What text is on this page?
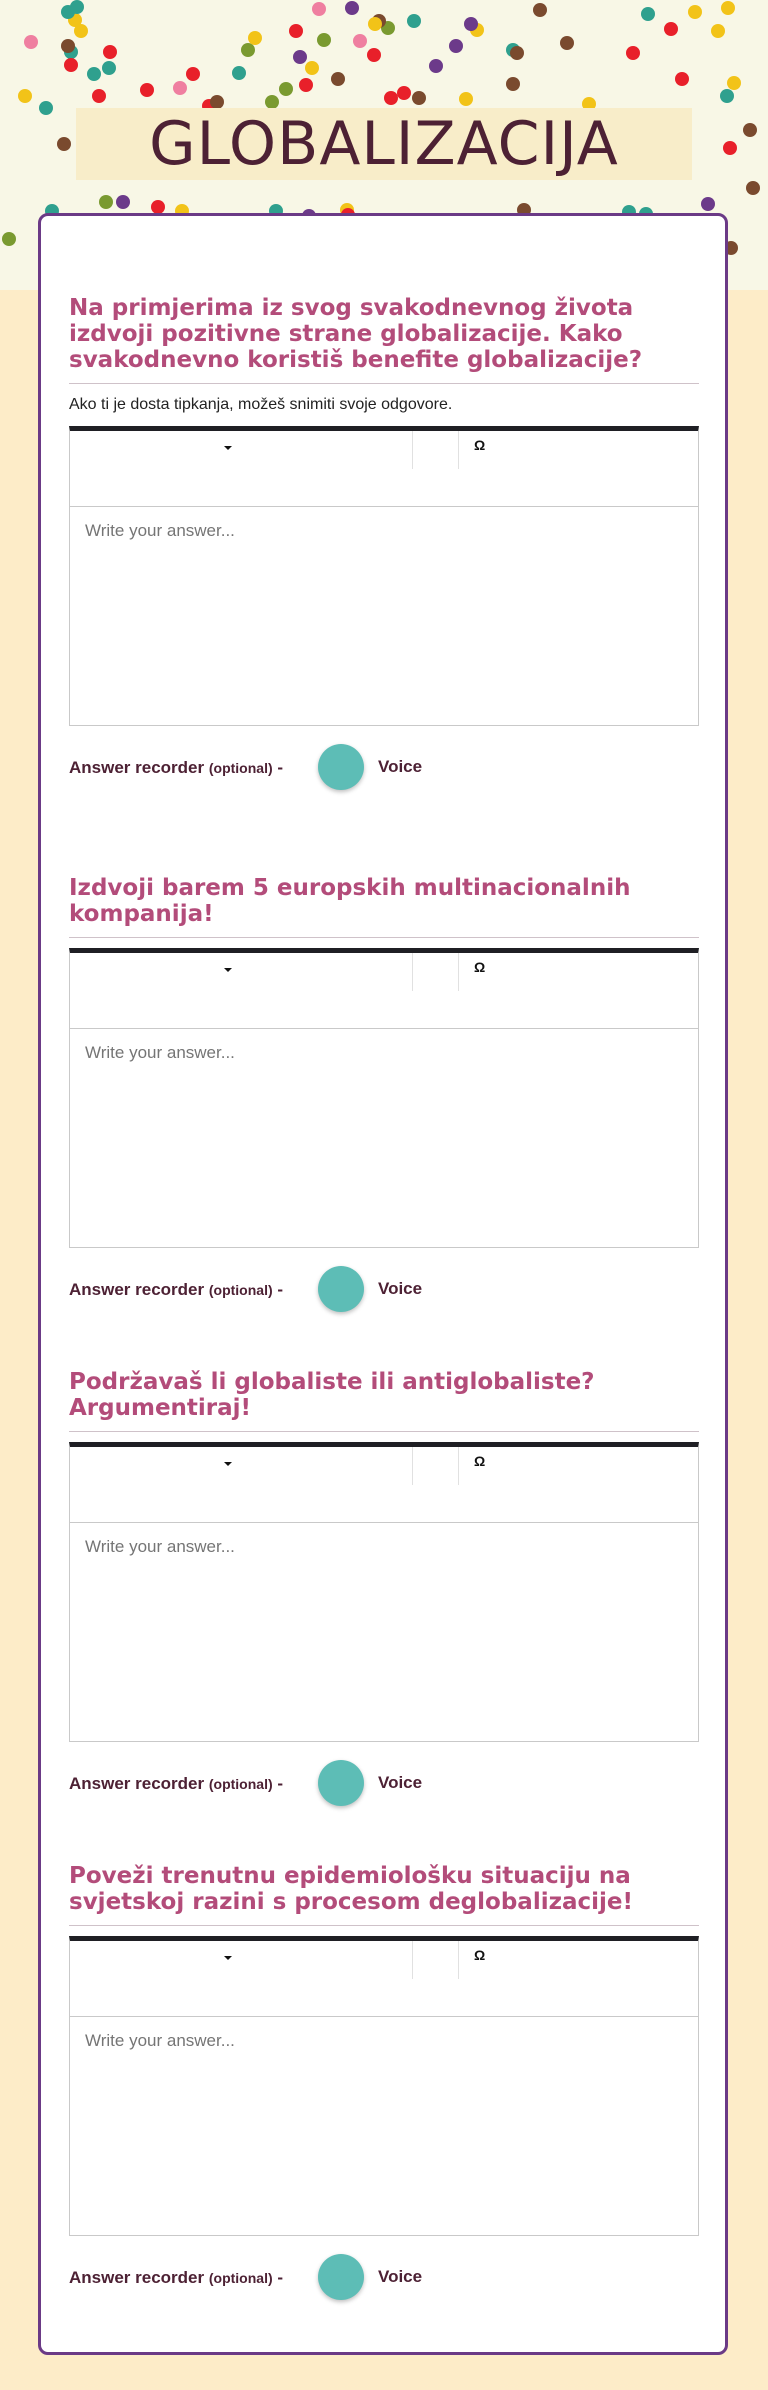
GLOBALIZACIJA
Na primjerima iz svog svakodnevnog života izdvoji pozitivne strane globalizacije. Kako svakodnevno koristiš benefite globalizacije?
Ako ti je dosta tipkanja, možeš snimiti svoje odgovore.
Ω
Write your answer...
Answer recorder (optional) -	Voice
Izdvoji barem 5 europskih multinacionalnih kompanija!
Ω
Write your answer...
Answer recorder (optional) -	Voice
Podržavaš li globaliste ili antiglobaliste? Argumentiraj!
Ω
Write your answer...
Answer recorder (optional) -	Voice
Poveži trenutnu epidemiološku situaciju na svjetskoj razini s procesom deglobalizacije!
Ω
Write your answer...
Answer recorder (optional) -	Voice
